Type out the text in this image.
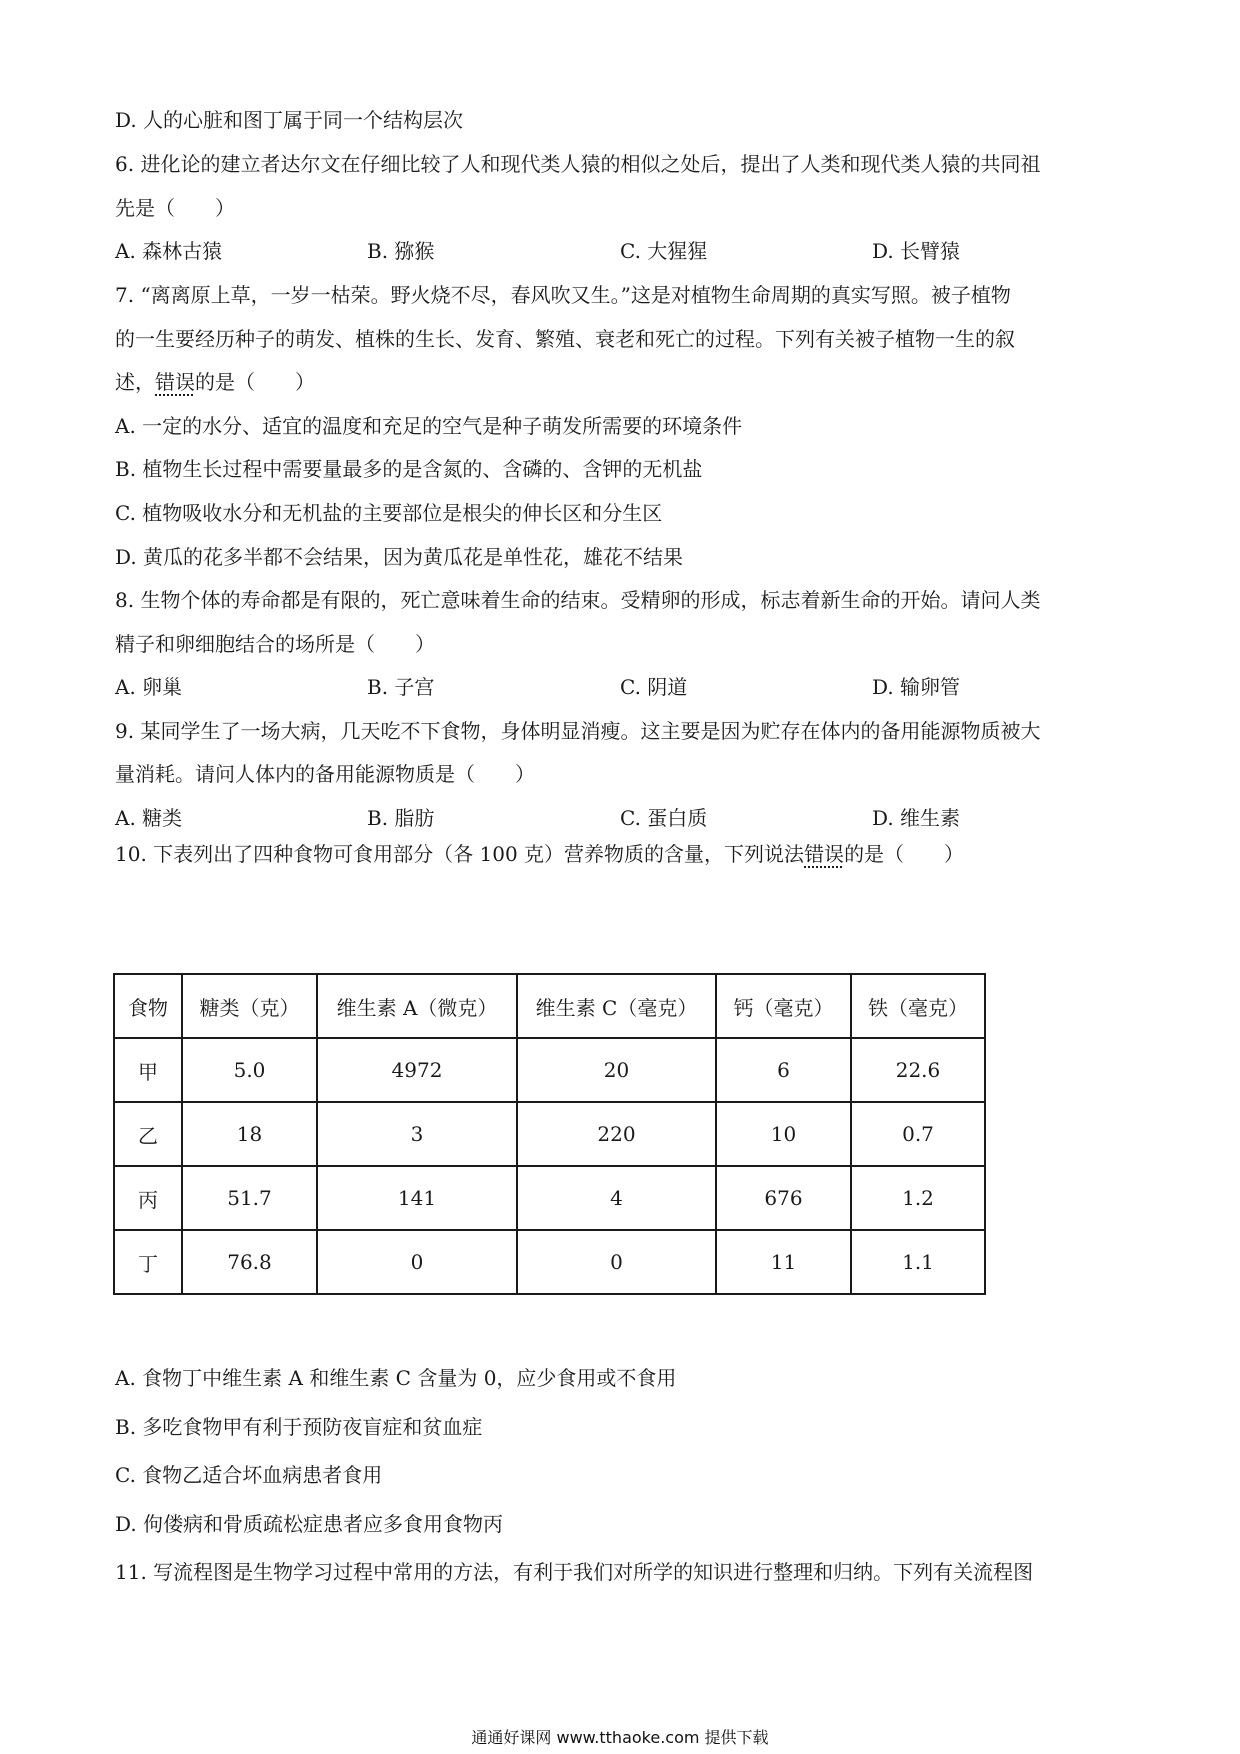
D. 人的心脏和图丁属于同一个结构层次
6. 进化论的建立者达尔文在仔细比较了人和现代类人猿的相似之处后，提出了人类和现代类人猿的共同祖
先是（　　）
A. 森林古猿	B. 猕猴	C. 大猩猩	D. 长臂猿
7. “离离原上草，一岁一枯荣。野火烧不尽，春风吹又生。”这是对植物生命周期的真实写照。被子植物
的一生要经历种子的萌发、植株的生长、发育、繁殖、衰老和死亡的过程。下列有关被子植物一生的叙
述，错误的是（　　）
A. 一定的水分、适宜的温度和充足的空气是种子萌发所需要的环境条件
B. 植物生长过程中需要量最多的是含氮的、含磷的、含钾的无机盐
C. 植物吸收水分和无机盐的主要部位是根尖的伸长区和分生区
D. 黄瓜的花多半都不会结果，因为黄瓜花是单性花，雄花不结果
8. 生物个体的寿命都是有限的，死亡意味着生命的结束。受精卵的形成，标志着新生命的开始。请问人类
精子和卵细胞结合的场所是（　　）
A. 卵巢	B. 子宫	C. 阴道	D. 输卵管
9. 某同学生了一场大病，几天吃不下食物，身体明显消瘦。这主要是因为贮存在体内的备用能源物质被大
量消耗。请问人体内的备用能源物质是（　　）
A. 糖类	B. 脂肪	C. 蛋白质	D. 维生素
10. 下表列出了四种食物可食用部分（各 100 克）营养物质的含量，下列说法错误的是（　　）
食物	糖类（克）	维生素 A（微克）	维生素 C（毫克）	钙（毫克）	铁（毫克）
甲	5.0	4972	20	6	22.6
乙	18	3	220	10	0.7
丙	51.7	141	4	676	1.2
丁	76.8	0	0	11	1.1
A. 食物丁中维生素 A 和维生素 C 含量为 0，应少食用或不食用
B. 多吃食物甲有利于预防夜盲症和贫血症
C. 食物乙适合坏血病患者食用
D. 佝偻病和骨质疏松症患者应多食用食物丙
11. 写流程图是生物学习过程中常用的方法，有利于我们对所学的知识进行整理和归纳。下列有关流程图
通通好课网 www.tthaoke.com 提供下载
